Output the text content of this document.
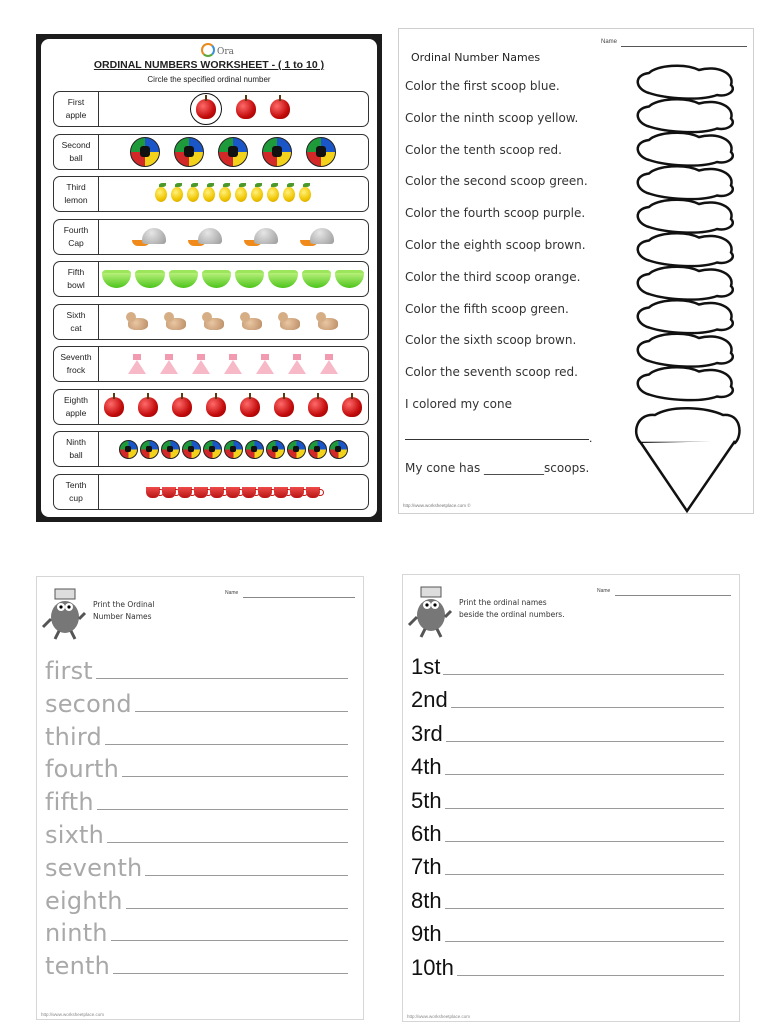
Ora
ORDINAL NUMBERS WORKSHEET - ( 1 to 10 )
Circle the specified ordinal number
First
apple
Second
ball
Third
lemon
Fourth
Cap
Fifth
bowl
Sixth
cat
Seventh
frock
Eighth
apple
Ninth
ball
Tenth
cup
Name
Ordinal Number Names
Color the first scoop blue.
Color the ninth scoop yellow.
Color the tenth scoop red.
Color the second scoop green.
Color the fourth scoop purple.
Color the eighth scoop brown.
Color the third scoop orange.
Color the fifth scoop green.
Color the sixth scoop brown.
Color the seventh scoop red.
I colored my cone
.
My cone has __________scoops.
http://www.worksheetplace.com ©
Print the Ordinal
Number Names
Name
first
second
third
fourth
fifth
sixth
seventh
eighth
ninth
tenth
http://www.worksheetplace.com
Print the ordinal names
beside the ordinal numbers.
Name
1st
2nd
3rd
4th
5th
6th
7th
8th
9th
10th
http://www.worksheetplace.com
